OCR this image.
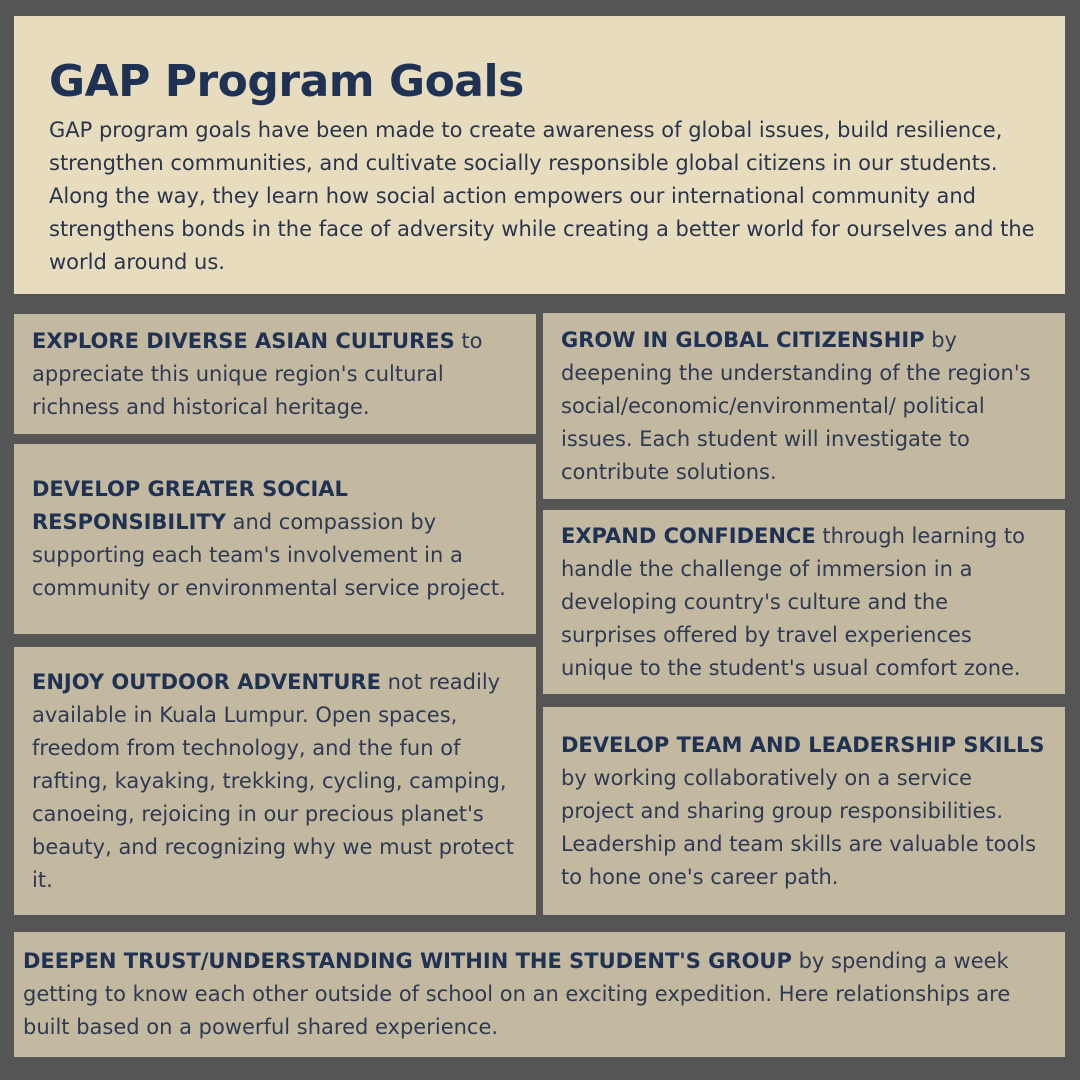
GAP Program Goals

GAP program goals have been made to create awareness of global issues, build resilience, strengthen communities, and cultivate socially responsible global citizens in our students. Along the way, they learn how social action empowers our international community and strengthens bonds in the face of adversity while creating a better world for ourselves and the world around us.

EXPLORE DIVERSE ASIAN CULTURES to appreciate this unique region's cultural richness and historical heritage.

DEVELOP GREATER SOCIAL RESPONSIBILITY and compassion by supporting each team's involvement in a community or environmental service project.

ENJOY OUTDOOR ADVENTURE not readily available in Kuala Lumpur. Open spaces, freedom from technology, and the fun of rafting, kayaking, trekking, cycling, camping, canoeing, rejoicing in our precious planet's beauty, and recognizing why we must protect it.

GROW IN GLOBAL CITIZENSHIP by deepening the understanding of the region's social/economic/environmental/ political issues. Each student will investigate to contribute solutions.

EXPAND CONFIDENCE through learning to handle the challenge of immersion in a developing country's culture and the surprises offered by travel experiences unique to the student's usual comfort zone.

DEVELOP TEAM AND LEADERSHIP SKILLS by working collaboratively on a service project and sharing group responsibilities. Leadership and team skills are valuable tools to hone one's career path.

DEEPEN TRUST/UNDERSTANDING WITHIN THE STUDENT'S GROUP by spending a week getting to know each other outside of school on an exciting expedition. Here relationships are built based on a powerful shared experience.
